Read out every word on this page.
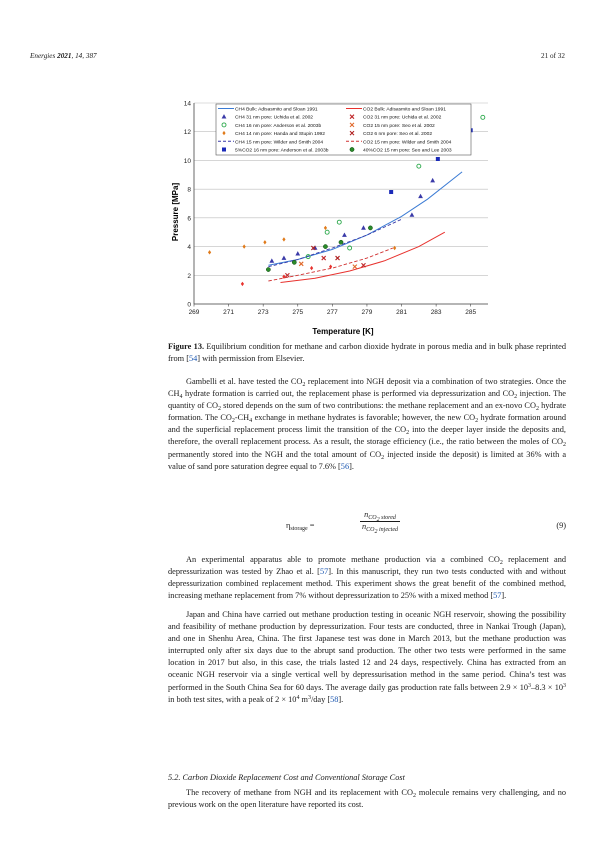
Energies 2021, 14, 387	21 of 32
0
2
4
6
8
10
12
14
269	271	273	275	277	279	281	283	285
CH4 Bulk: Adisasmito and Sloan 1991	CO2 Bulk: Adisasmito and Sloan 1991
CH4 31 nm pore: Uchida et al. 2002	CO2 31 nm pore: Uchida et al. 2002
CH4 16 nm pore: Anderson et al. 2003b	CO2 15 nm pore: Seo et al. 2002
CH4 14 nm pore: Handa and Stupin 1992	CO2 6 nm pore: Seo et al. 2002
CH4 15 nm pore: Wilder and Smith 2004	CO2 15 nm pore: Wilder and Smith 2004
5%CO2 16 nm pore: Anderson et al. 2003b	40%CO2 15 nm pore: Seo and Lee 2003
Temperature [K]
Pressure [MPa]
Figure 13. Equilibrium condition for methane and carbon dioxide hydrate in porous media and in bulk phase reprinted from [54] with permission from Elsevier.

Gambelli et al. have tested the $CO_2$ replacement into NGH deposit via a combination of two strategies. Once the $CH_4$ hydrate formation is carried out, the replacement phase is performed via depressurization and $CO_2$ injection. The quantity of $CO_2$ stored depends on the sum of two contributions: the methane replacement and an ex-novo $CO_2$ hydrate formation. The $CO_2-CH_4$ exchange in methane hydrates is favorable; however, the new $CO_2$ hydrate formation around and the superficial replacement process limit the transition of the $CO_2$ into the deeper layer inside the deposits and, therefore, the overall replacement process. As a result, the storage efficiency (i.e., the ratio between the moles of $CO_2$ permanently stored into the NGH and the total amount of $CO_2$ injected inside the deposit) is limited at 36% with a value of sand pore saturation degree equal to 7.6% [56].

$\eta_{storage}$ =
$n_{CO_2 stored}$
$n_{CO_2 injected}$	(9)

An experimental apparatus able to promote methane production via a combined $CO_2$ replacement and depressurization was tested by Zhao et al. [57]. In this manuscript, they run two tests conducted with and without depressurization combined replacement method. This experiment shows the great benefit of the combined method, increasing methane replacement from 7% without depressurization to 25% with a mixed method [57].

Japan and China have carried out methane production testing in oceanic NGH reservoir, showing the possibility and feasibility of methane production by depressurization. Four tests are conducted, three in Nankai Trough (Japan), and one in Shenhu Area, China. The first Japanese test was done in March 2013, but the methane production was interrupted only after six days due to the abrupt sand production. The other two tests were performed in the same location in 2017 but also, in this case, the trials lasted 12 and 24 days, respectively. China has extracted from an oceanic NGH reservoir via a single vertical well by depressurisation method in the same period. China’s test was performed in the South China Sea for 60 days. The average daily gas production rate falls between $2.9 \times 10^3-8.3 \times 10^3$ in both test sites, with a peak of $2 \times 10^4$ $m^3$/day [58].

5.2. Carbon Dioxide Replacement Cost and Conventional Storage Cost

The recovery of methane from NGH and its replacement with $CO_2$ molecule remains very challenging, and no previous work on the open literature have reported its cost.
